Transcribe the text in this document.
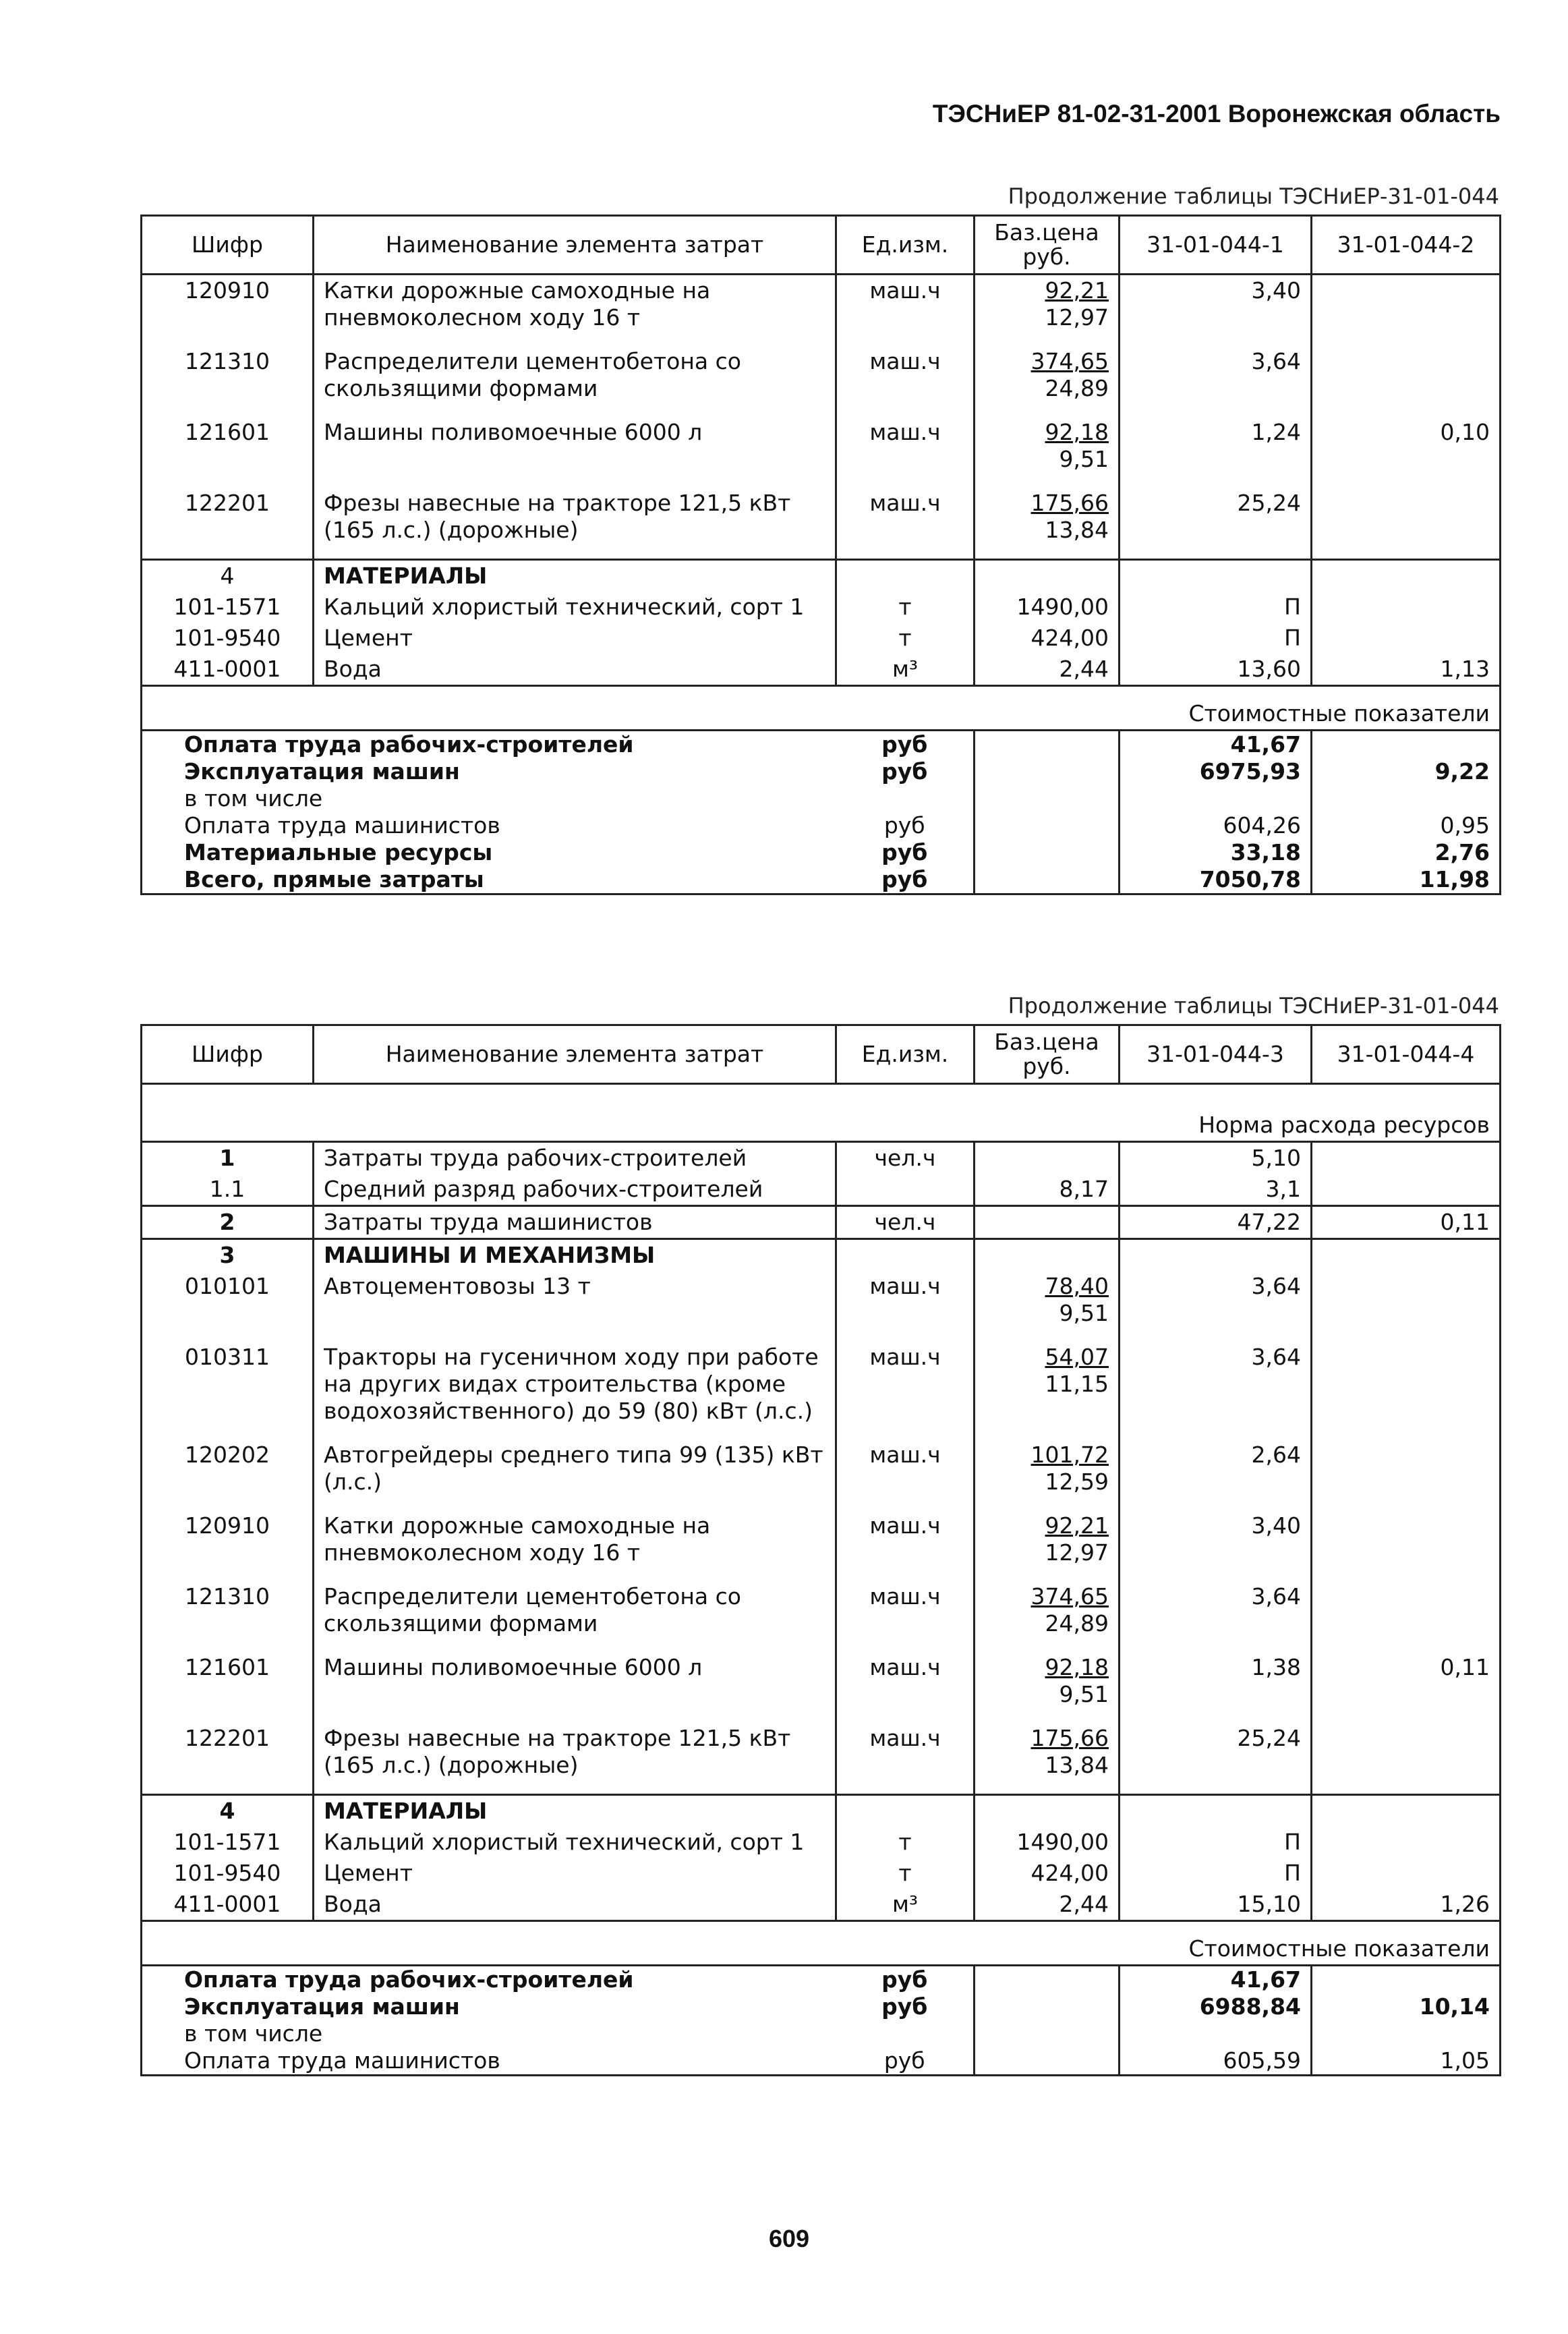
ТЭСНиЕР 81-02-31-2001 Воронежская область
Продолжение таблицы ТЭСНиЕР-31-01-044
Шифр	Наименование элемента затрат	Ед.изм.	Баз.цена руб.	31-01-044-1	31-01-044-2
120910	Катки дорожные самоходные на пневмоколесном ходу 16 т	маш.ч	$\frac{92,21}{12,97}$	3,40	
121310	Распределители цементобетона со скользящими формами	маш.ч	$\frac{374,65}{24,89}$	3,64	
121601	Машины поливомоечные 6000 л	маш.ч	$\frac{92,18}{9,51}$	1,24	0,10
122201	Фрезы навесные на тракторе 121,5 кВт (165 л.с.) (дорожные)	маш.ч	$\frac{175,66}{13,84}$	25,24	
4	МАТЕРИАЛЫ				
101-1571	Кальций хлористый технический, сорт 1	т	1490,00	П	
101-9540	Цемент	т	424,00	П	
411-0001	Вода	м³	2,44	13,60	1,13
Стоимостные показатели					
Оплата труда рабочих-строителей		руб		41,67	
Эксплуатация машин		руб		6975,93	9,22
в том числе					
Оплата труда машинистов		руб		604,26	0,95
Материальные ресурсы		руб		33,18	2,76
Всего, прямые затраты		руб		7050,78	11,98
Продолжение таблицы ТЭСНиЕР-31-01-044
Шифр	Наименование элемента затрат	Ед.изм.	Баз.цена руб.	31-01-044-3	31-01-044-4
Норма расхода ресурсов					
1	Затраты труда рабочих-строителей	чел.ч		5,10	
1.1	Средний разряд рабочих-строителей		8,17	3,1	
2	Затраты труда машинистов	чел.ч		47,22	0,11
3	МАШИНЫ И МЕХАНИЗМЫ				
010101	Автоцементовозы 13 т	маш.ч	$\frac{78,40}{9,51}$	3,64	
010311	Тракторы на гусеничном ходу при работе на других видах строительства (кроме водохозяйственного) до 59 (80) кВт (л.с.)	маш.ч	$\frac{54,07}{11,15}$	3,64	
120202	Автогрейдеры среднего типа 99 (135) кВт (л.с.)	маш.ч	$\frac{101,72}{12,59}$	2,64	
120910	Катки дорожные самоходные на пневмоколесном ходу 16 т	маш.ч	$\frac{92,21}{12,97}$	3,40	
121310	Распределители цементобетона со скользящими формами	маш.ч	$\frac{374,65}{24,89}$	3,64	
121601	Машины поливомоечные 6000 л	маш.ч	$\frac{92,18}{9,51}$	1,38	0,11
122201	Фрезы навесные на тракторе 121,5 кВт (165 л.с.) (дорожные)	маш.ч	$\frac{175,66}{13,84}$	25,24	
4	МАТЕРИАЛЫ				
101-1571	Кальций хлористый технический, сорт 1	т	1490,00	П	
101-9540	Цемент	т	424,00	П	
411-0001	Вода	м³	2,44	15,10	1,26
Стоимостные показатели					
Оплата труда рабочих-строителей		руб		41,67	
Эксплуатация машин		руб		6988,84	10,14
в том числе					
Оплата труда машинистов		руб		605,59	1,05
609
